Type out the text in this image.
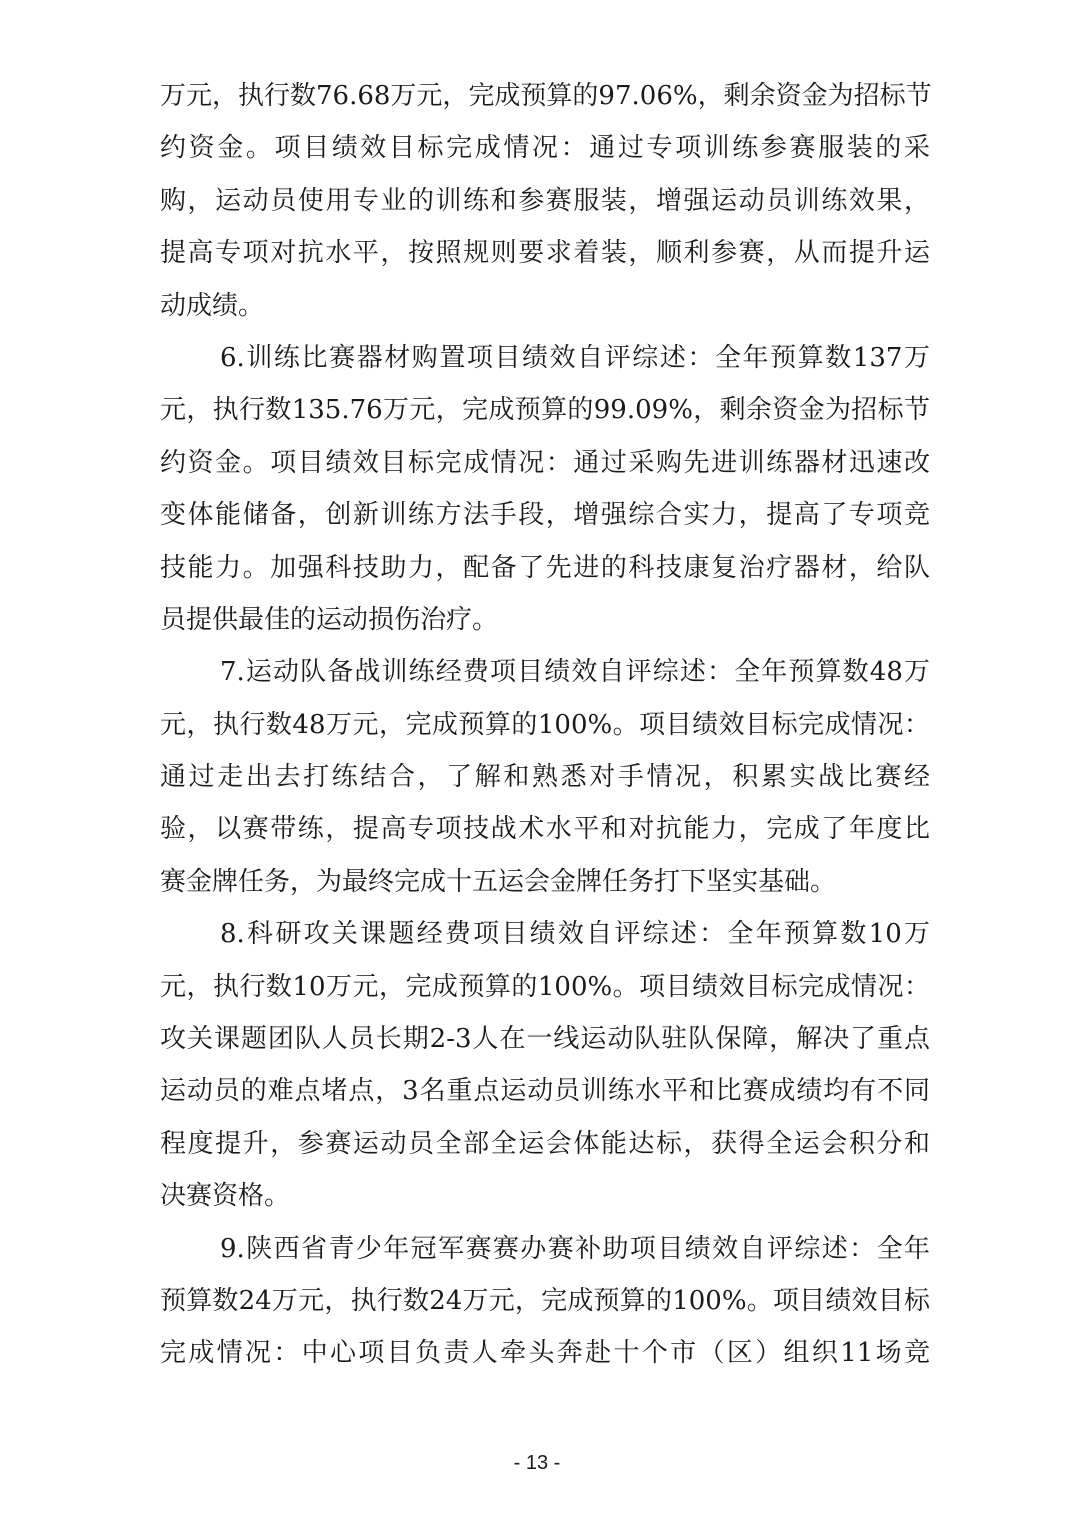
万元，执行数76.68万元，完成预算的97.06%，剩余资金为招标节
约资金。项目绩效目标完成情况：通过专项训练参赛服装的采
购，运动员使用专业的训练和参赛服装，增强运动员训练效果，
提高专项对抗水平，按照规则要求着装，顺利参赛，从而提升运
动成绩。
6.训练比赛器材购置项目绩效自评综述：全年预算数137万
元，执行数135.76万元，完成预算的99.09%，剩余资金为招标节
约资金。项目绩效目标完成情况：通过采购先进训练器材迅速改
变体能储备，创新训练方法手段，增强综合实力，提高了专项竞
技能力。加强科技助力，配备了先进的科技康复治疗器材，给队
员提供最佳的运动损伤治疗。
7.运动队备战训练经费项目绩效自评综述：全年预算数48万
元，执行数48万元，完成预算的100%。项目绩效目标完成情况：
通过走出去打练结合，了解和熟悉对手情况，积累实战比赛经
验，以赛带练，提高专项技战术水平和对抗能力，完成了年度比
赛金牌任务，为最终完成十五运会金牌任务打下坚实基础。
8.科研攻关课题经费项目绩效自评综述：全年预算数10万
元，执行数10万元，完成预算的100%。项目绩效目标完成情况：
攻关课题团队人员长期2-3人在一线运动队驻队保障，解决了重点
运动员的难点堵点，3名重点运动员训练水平和比赛成绩均有不同
程度提升，参赛运动员全部全运会体能达标，获得全运会积分和
决赛资格。
9.陕西省青少年冠军赛赛办赛补助项目绩效自评综述：全年
预算数24万元，执行数24万元，完成预算的100%。项目绩效目标
完成情况：中心项目负责人牵头奔赴十个市（区）组织11场竞
- 13 -
